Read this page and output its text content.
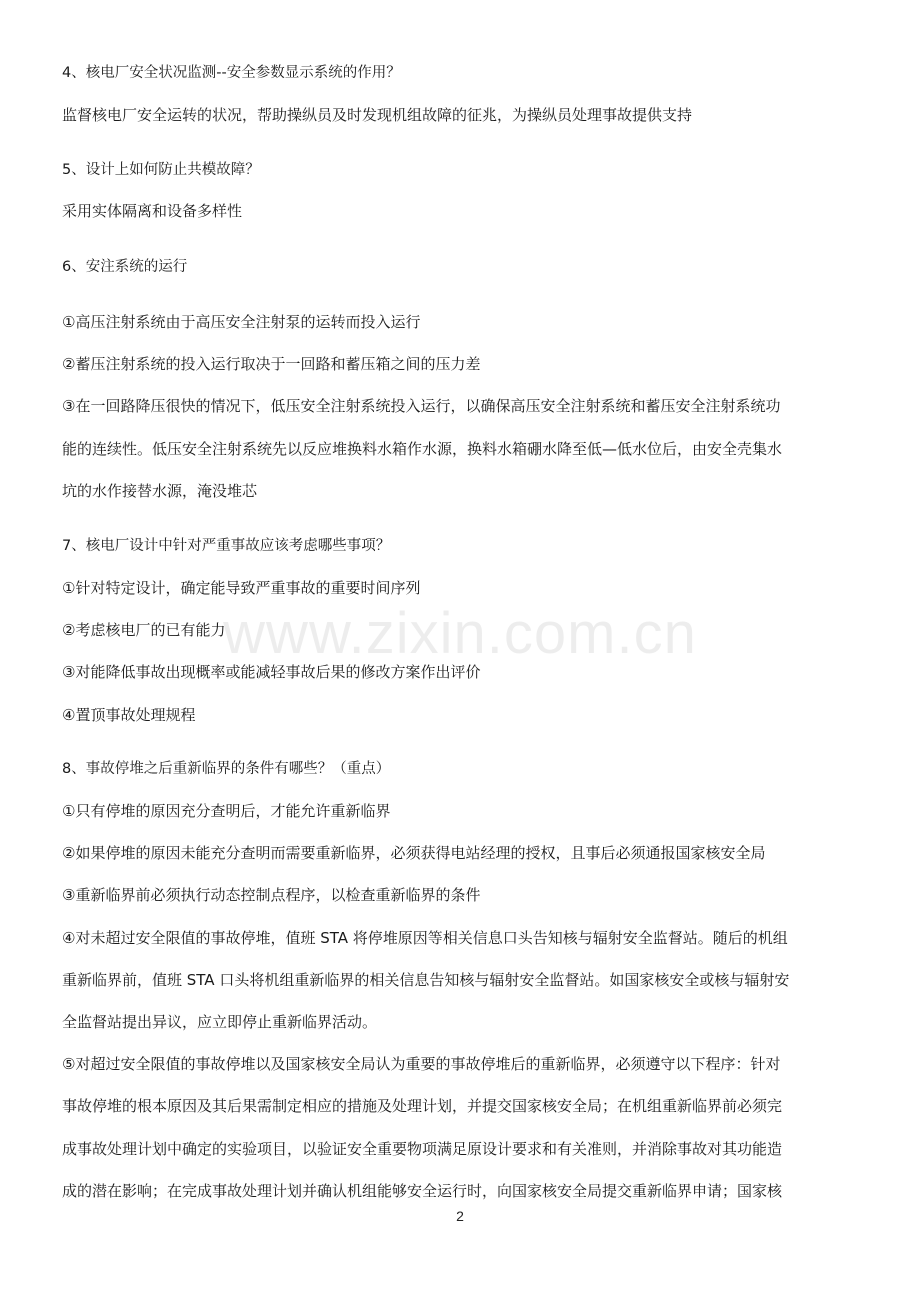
www.zixin.com.cn
4、核电厂安全状况监测--安全参数显示系统的作用？
监督核电厂安全运转的状况，帮助操纵员及时发现机组故障的征兆，为操纵员处理事故提供支持
5、设计上如何防止共模故障？
采用实体隔离和设备多样性
6、安注系统的运行
①高压注射系统由于高压安全注射泵的运转而投入运行
②蓄压注射系统的投入运行取决于一回路和蓄压箱之间的压力差
③在一回路降压很快的情况下，低压安全注射系统投入运行，以确保高压安全注射系统和蓄压安全注射系统功
能的连续性。低压安全注射系统先以反应堆换料水箱作水源，换料水箱硼水降至低—低水位后，由安全壳集水
坑的水作接替水源，淹没堆芯
7、核电厂设计中针对严重事故应该考虑哪些事项？
①针对特定设计，确定能导致严重事故的重要时间序列
②考虑核电厂的已有能力
③对能降低事故出现概率或能减轻事故后果的修改方案作出评价
④置顶事故处理规程
8、事故停堆之后重新临界的条件有哪些？（重点）
①只有停堆的原因充分查明后，才能允许重新临界
②如果停堆的原因未能充分查明而需要重新临界，必须获得电站经理的授权，且事后必须通报国家核安全局
③重新临界前必须执行动态控制点程序，以检查重新临界的条件
④对未超过安全限值的事故停堆，值班 STA 将停堆原因等相关信息口头告知核与辐射安全监督站。随后的机组
重新临界前，值班 STA 口头将机组重新临界的相关信息告知核与辐射安全监督站。如国家核安全或核与辐射安
全监督站提出异议，应立即停止重新临界活动。
⑤对超过安全限值的事故停堆以及国家核安全局认为重要的事故停堆后的重新临界，必须遵守以下程序：针对
事故停堆的根本原因及其后果需制定相应的措施及处理计划，并提交国家核安全局；在机组重新临界前必须完
成事故处理计划中确定的实验项目，以验证安全重要物项满足原设计要求和有关准则，并消除事故对其功能造
成的潜在影响；在完成事故处理计划并确认机组能够安全运行时，向国家核安全局提交重新临界申请；国家核
2
